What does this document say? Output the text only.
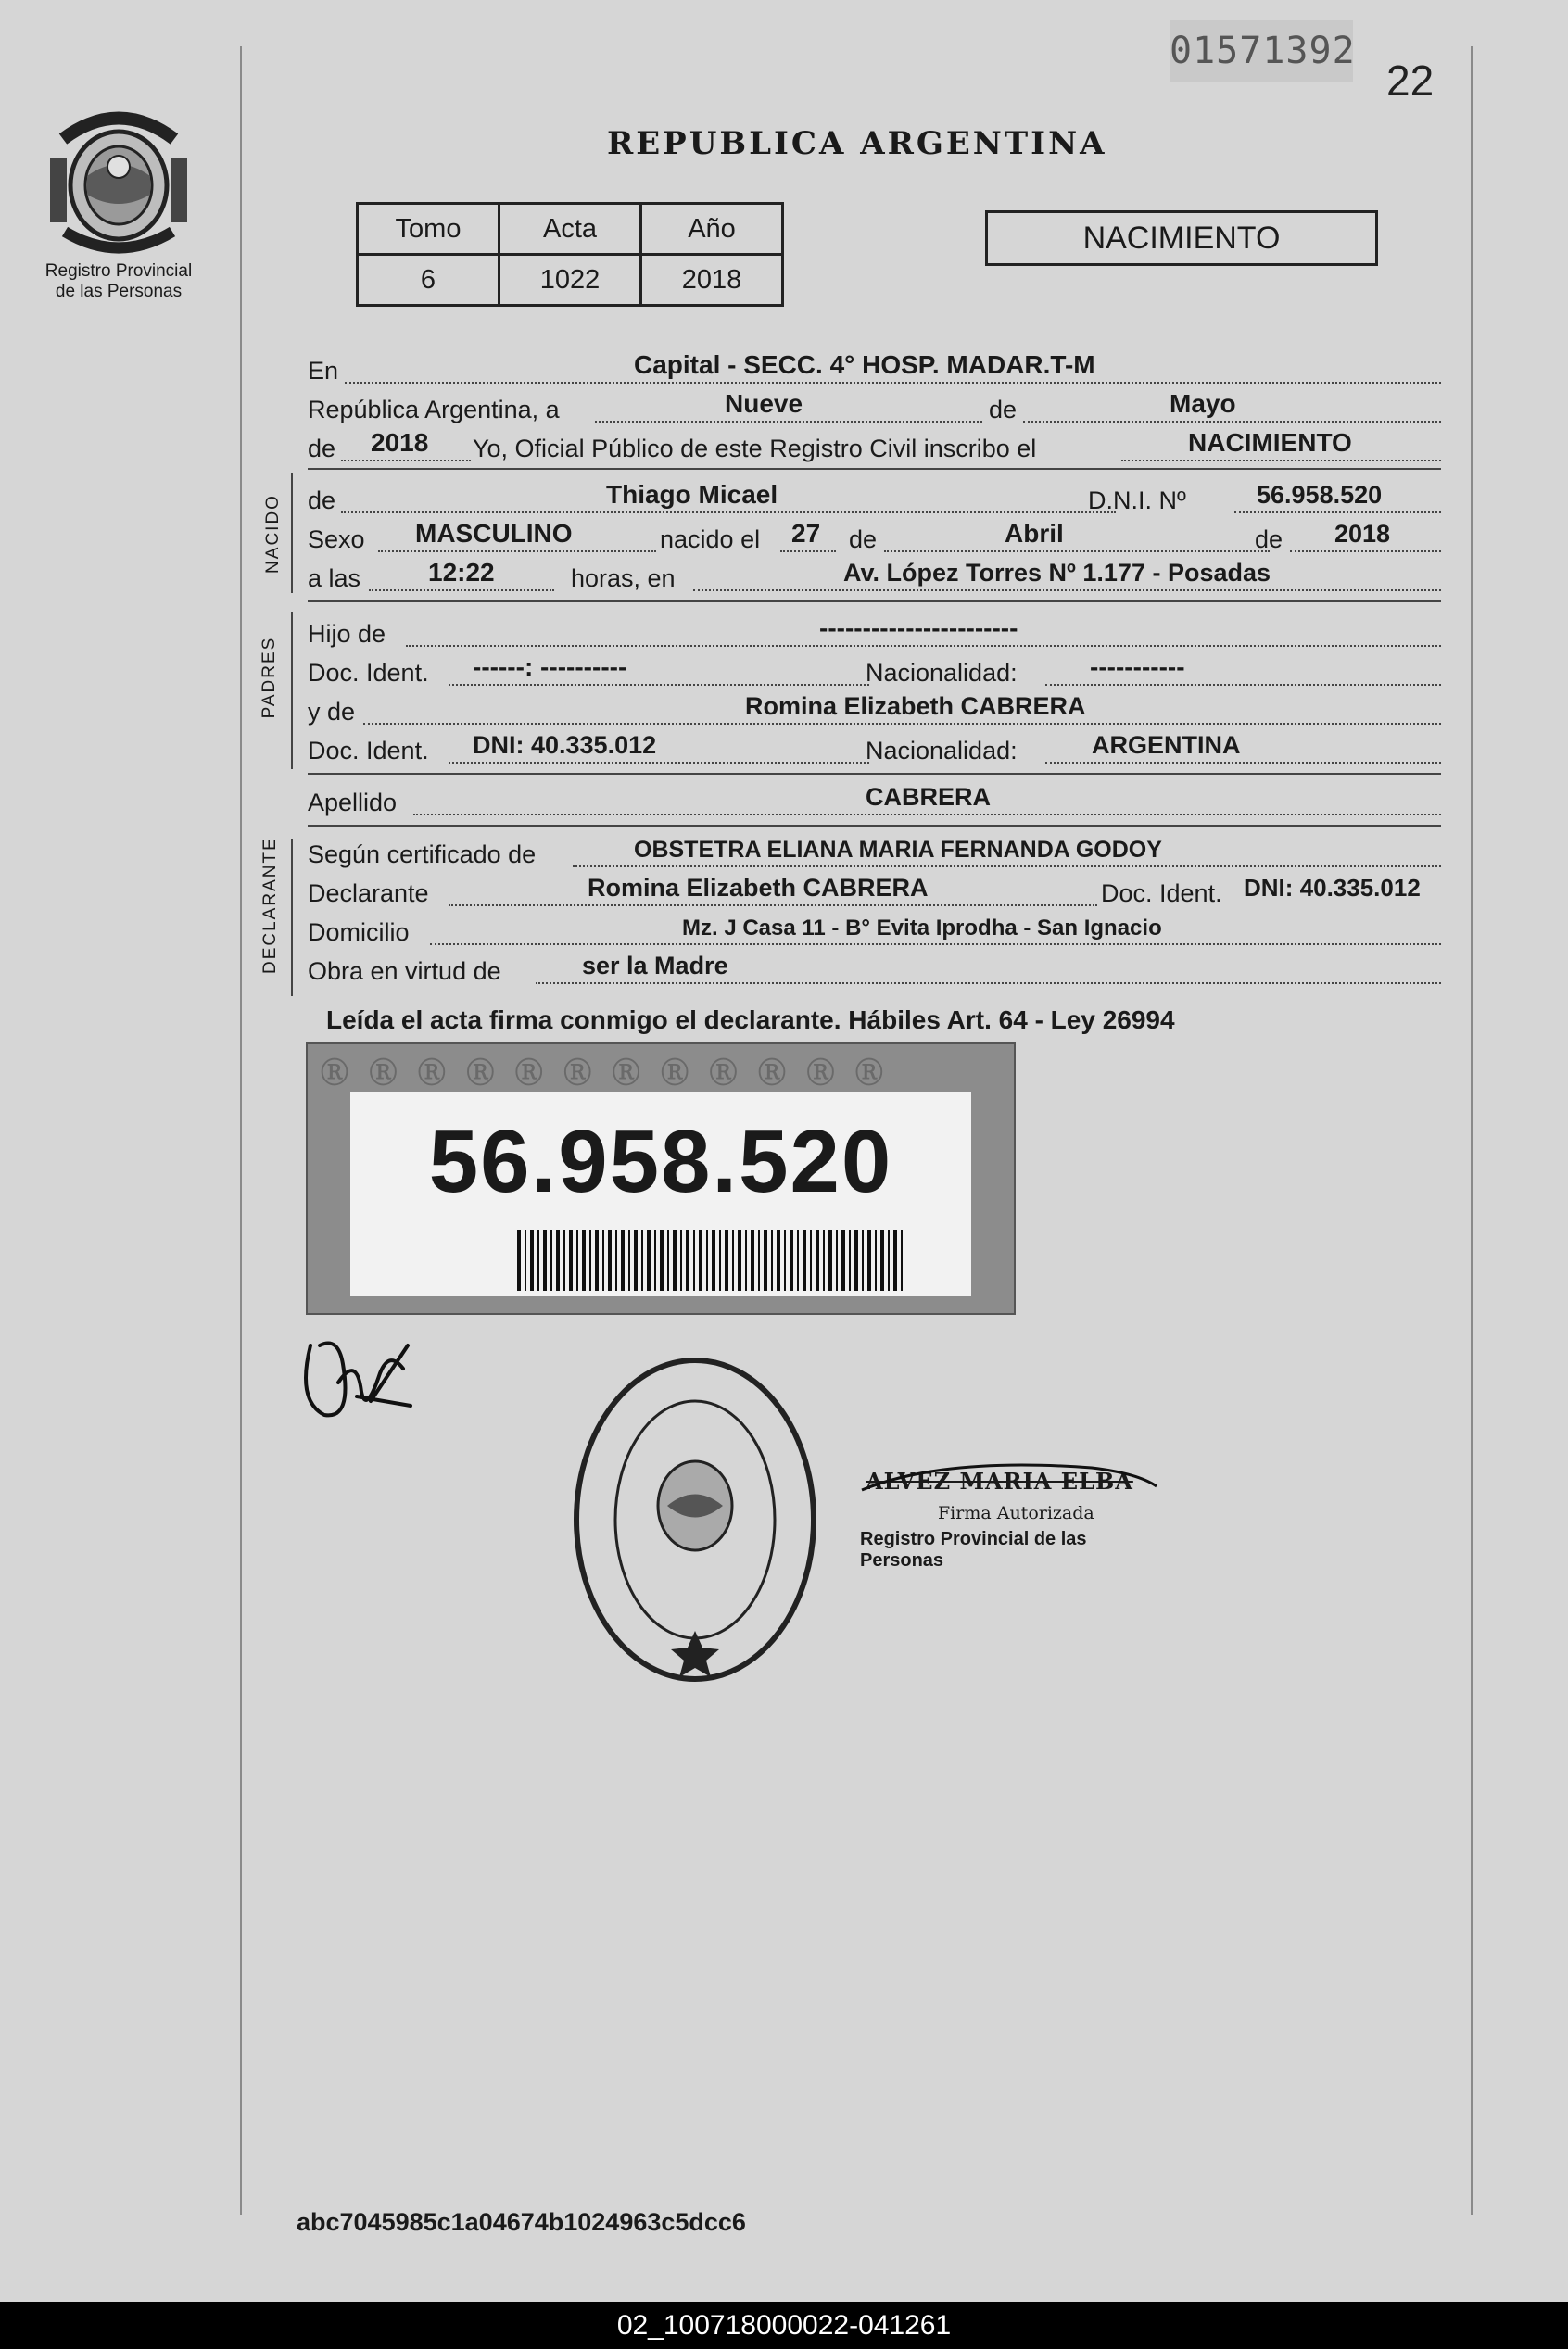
Registro Provincial
de las Personas
01571392
22
REPUBLICA ARGENTINA
Tomo	Acta	Año
6	1022	2018
NACIMIENTO
En	Capital - SECC. 4° HOSP. MADAR.T-M
República Argentina, a	Nueve	de	Mayo
de 2018 Yo, Oficial Público de este Registro Civil inscribo el	NACIMIENTO
NACIDO de	Thiago Micael	D.N.I. Nº	56.958.520
Sexo MASCULINO	nacido el 27 de	Abril	de 2018
a las	12:22	horas, en	Av. López Torres Nº 1.177 - Posadas
PADRES
Hijo de	-----------------------
Doc. Ident. ------: ----------	Nacionalidad:	-----------
y de	Romina Elizabeth CABRERA
Doc. Ident. DNI: 40.335.012	Nacionalidad:	ARGENTINA
Apellido	CABRERA
DECLARANTE Según certificado de	OBSTETRA ELIANA MARIA FERNANDA GODOY
Declarante	Romina Elizabeth CABRERA	Doc. Ident. DNI: 40.335.012
Domicilio	Mz. J Casa 11 - B° Evita Iprodha - San Ignacio
Obra en virtud de	ser la Madre
Leída el acta firma conmigo el declarante. Hábiles Art. 64 - Ley 26994
Ⓡ Ⓡ Ⓡ Ⓡ Ⓡ Ⓡ Ⓡ Ⓡ Ⓡ Ⓡ Ⓡ Ⓡ
56.958.520
ALVEZ MARIA ELBA
Firma Autorizada
Registro Provincial de las Personas
abc7045985c1a04674b1024963c5dcc6
02_100718000022-041261
